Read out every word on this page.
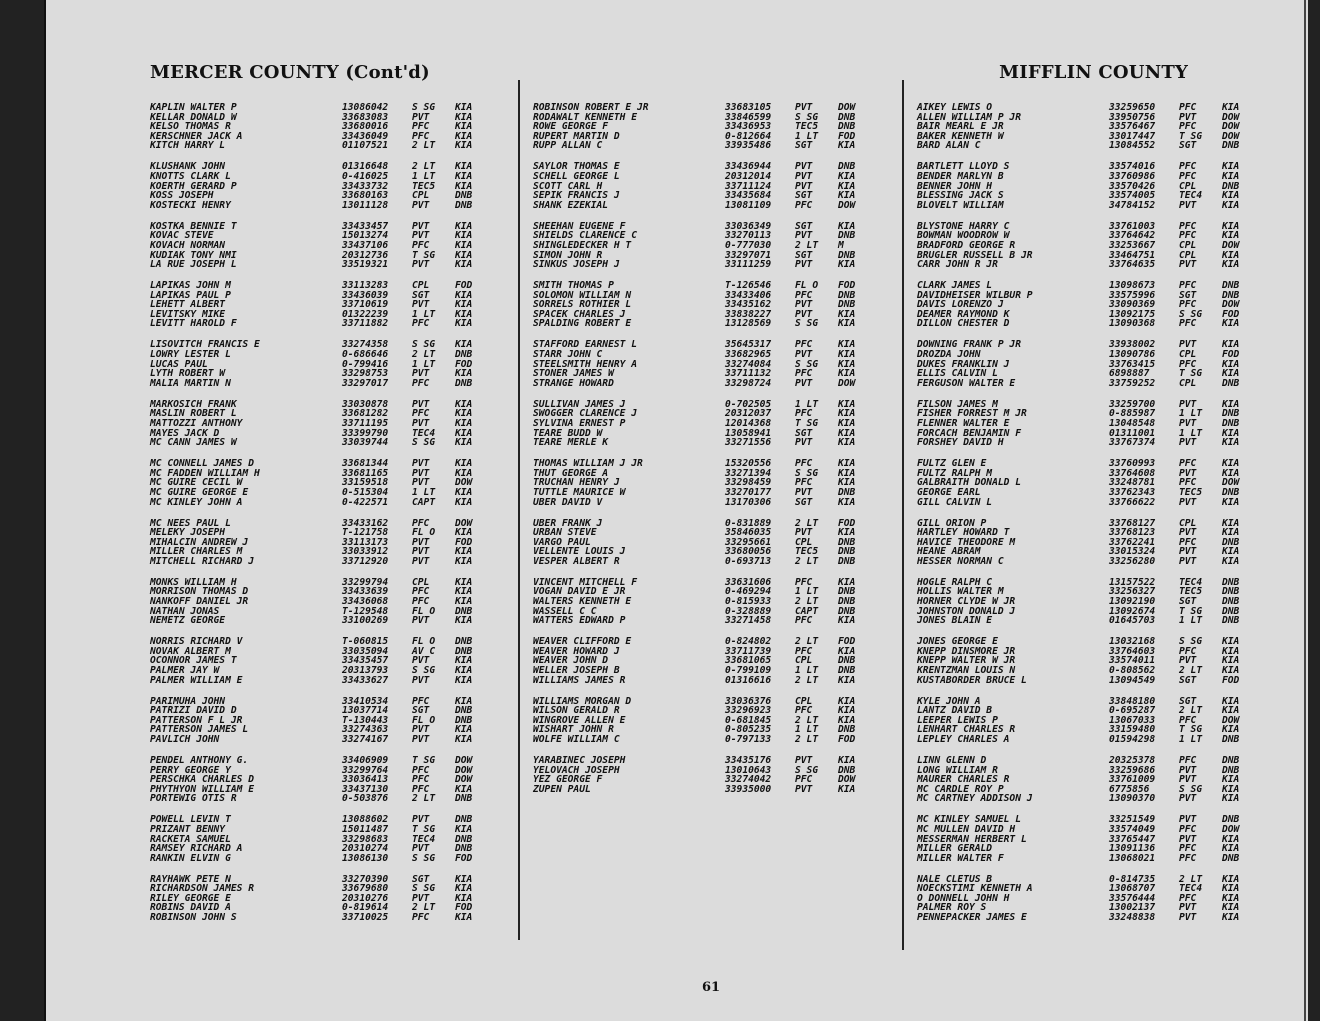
MERCER COUNTY (Cont'd)	MIFFLIN COUNTY
KAPLIN WALTER P	13086042 S SG KIA
KELLAR DONALD W	33683083 PVT	KIA
KELSO THOMAS R	33680016 PFC	KIA
KERSCHNER JACK A	33436049 PFC	KIA
KITCH HARRY L	01107521 2 LT KIA
KLUSHANK JOHN	01316648 2 LT KIA
KNOTTS CLARK L	0-416025 1 LT KIA
KOERTH GERARD P	33433732 TEC5 KIA
KOSS JOSEPH	33680163 CPL	DNB
KOSTECKI HENRY	13011128 PVT	DNB
KOSTKA BENNIE T	33433457 PVT	KIA
KOVAC STEVE	15013274 PVT	KIA
KOVACH NORMAN	33437106 PFC	KIA
KUDIAK TONY NMI	20312736 T SG KIA
LA RUE JOSEPH L	33519321 PVT	KIA
LAPIKAS JOHN M	33113283 CPL	FOD
LAPIKAS PAUL P	33436039 SGT	KIA
LEHETT ALBERT	33710619 PVT	KIA
LEVITSKY MIKE	01322239 1 LT KIA
LEVITT HAROLD F	33711882 PFC	KIA
LISOVITCH FRANCIS E	33274358 S SG KIA
LOWRY LESTER L	0-686646 2 LT DNB
LUCAS PAUL	0-799416 1 LT FOD
LYTH ROBERT W	33298753 PVT	KIA
MALIA MARTIN N	33297017 PFC	DNB
MARKOSICH FRANK	33030878 PVT	KIA
MASLIN ROBERT L	33681282 PFC	KIA
MATTOZZI ANTHONY	33711195 PVT	KIA
MAYES JACK D	33399790 TEC4 KIA
MC CANN JAMES W	33039744 S SG KIA
MC CONNELL JAMES D	33681344 PVT	KIA
MC FADDEN WILLIAM H	33681165 PVT	KIA
MC GUIRE CECIL W	33159518 PVT	DOW
MC GUIRE GEORGE E	0-515304 1 LT KIA
MC KINLEY JOHN A	0-422571 CAPT KIA
MC NEES PAUL L	33433162 PFC	DOW
MELEKY JOSEPH	T-121758 FL O KIA
MIHALCIN ANDREW J	33113173 PVT	FOD
MILLER CHARLES M	33033912 PVT	KIA
MITCHELL RICHARD J	33712920 PVT	KIA
MONKS WILLIAM H	33299794 CPL	KIA
MORRISON THOMAS D	33433639 PFC	KIA
NANKOFF DANIEL JR	33436068 PFC	KIA
NATHAN JONAS	T-129548 FL O DNB
NEMETZ GEORGE	33100269 PVT	KIA
NORRIS RICHARD V	T-060815 FL O DNB
NOVAK ALBERT M	33035094 AV C DNB
OCONNOR JAMES T	33435457 PVT	KIA
PALMER JAY W	20313793 S SG KIA
PALMER WILLIAM E	33433627 PVT	KIA
PARIMUHA JOHN	33410534 PFC	KIA
PATRIZI DAVID D	13037714 SGT	DNB
PATTERSON F L JR	T-130443 FL O DNB
PATTERSON JAMES L	33274363 PVT	KIA
PAVLICH JOHN	33274167 PVT	KIA
PENDEL ANTHONY G.	33406909 T SG DOW
PERRY GEORGE Y	33299764 PFC	DOW
PERSCHKA CHARLES D	33036413 PFC	DOW
PHYTHYON WILLIAM E	33437130 PFC	KIA
PORTEWIG OTIS R	0-503876 2 LT DNB
POWELL LEVIN T	13088602 PVT	DNB
PRIZANT BENNY	15011487 T SG KIA
RACKETA SAMUEL	33298683 TEC4 DNB
RAMSEY RICHARD A	20310274 PVT	DNB
RANKIN ELVIN G	13086130 S SG FOD
RAYHAWK PETE N	33270390 SGT	KIA
RICHARDSON JAMES R	33679680 S SG KIA
RILEY GEORGE E	20310276 PVT	KIA
ROBINS DAVID A	0-819614 2 LT FOD
ROBINSON JOHN S	33710025 PFC	KIA
ROBINSON ROBERT E JR	33683105 PVT	DOW
RODAWALT KENNETH E	33846599 S SG DNB
ROWE GEORGE F	33436953 TEC5 DNB
RUPERT MARTIN D	0-812664 1 LT FOD
RUPP ALLAN C	33935486 SGT	KIA
SAYLOR THOMAS E	33436944 PVT	DNB
SCHELL GEORGE L	20312014 PVT	KIA
SCOTT CARL H	33711124 PVT	KIA
SEPIK FRANCIS J	33435684 SGT	KIA
SHANK EZEKIAL	13081109 PFC	DOW
SHEEHAN EUGENE F	33036349 SGT	KIA
SHIELDS CLARENCE C	33270113 PVT	DNB
SHINGLEDECKER H T	0-777030 2 LT M
SIMON JOHN R	33297071 SGT	DNB
SINKUS JOSEPH J	33111259 PVT	KIA
SMITH THOMAS P	T-126546 FL O FOD
SOLOMON WILLIAM N	33433406 PFC	DNB
SORRELS ROTHIER L	33435162 PVT	DNB
SPACEK CHARLES J	33838227 PVT	KIA
SPALDING ROBERT E	13128569 S SG KIA
STAFFORD EARNEST L	35645317 PFC	KIA
STARR JOHN C	33682965 PVT	KIA
STEELSMITH HENRY A	33274084 S SG KIA
STONER JAMES W	33711132 PFC	KIA
STRANGE HOWARD	33298724 PVT	DOW
SULLIVAN JAMES J	0-702505 1 LT KIA
SWOGGER CLARENCE J	20312037 PFC	KIA
SYLVINA ERNEST P	12014368 T SG KIA
TEARE BUDD W	13058941 SGT	KIA
TEARE MERLE K	33271556 PVT	KIA
THOMAS WILLIAM J JR	15320556 PFC	KIA
THUT GEORGE A	33271394 S SG KIA
TRUCHAN HENRY J	33298459 PFC	KIA
TUTTLE MAURICE W	33270177 PVT	DNB
UBER DAVID V	13170306 SGT	KIA
UBER FRANK J	0-831889 2 LT FOD
URBAN STEVE	35846035 PVT	KIA
VARGO PAUL	33295661 CPL	DNB
VELLENTE LOUIS J	33680056 TEC5 DNB
VESPER ALBERT R	0-693713 2 LT DNB
VINCENT MITCHELL F	33631606 PFC	KIA
VOGAN DAVID E JR	0-469294 1 LT DNB
WALTERS KENNETH E	0-815933 2 LT DNB
WASSELL C C	0-328889 CAPT DNB
WATTERS EDWARD P	33271458 PFC	KIA
WEAVER CLIFFORD E	0-824802 2 LT FOD
WEAVER HOWARD J	33711739 PFC	KIA
WEAVER JOHN D	33681065 CPL	DNB
WELLER JOSEPH B	0-799109 1 LT DNB
WILLIAMS JAMES R	01316616 2 LT KIA
WILLIAMS MORGAN D	33036376 CPL	KIA
WILSON GERALD R	33296923 PFC	KIA
WINGROVE ALLEN E	0-681845 2 LT KIA
WISHART JOHN R	0-805235 1 LT DNB
WOLFE WILLIAM C	0-797133 2 LT FOD
YARABINEC JOSEPH	33435176 PVT	KIA
YELOVACH JOSEPH	13010643 S SG DNB
YEZ GEORGE F	33274042 PFC	DOW
ZUPEN PAUL	33935000 PVT	KIA
AIKEY LEWIS O	33259650 PFC	KIA
ALLEN WILLIAM P JR	33950756 PVT	DOW
BAIR MEARL E JR	33576467 PFC	DOW
BAKER KENNETH W	33017447 T SG DOW
BARD ALAN C	13084552 SGT	DNB
BARTLETT LLOYD S	33574016 PFC	KIA
BENDER MARLYN B	33760986 PFC	KIA
BENNER JOHN H	33570426 CPL	DNB
BLESSING JACK S	33574005 TEC4 KIA
BLOVELT WILLIAM	34784152 PVT	KIA
BLYSTONE HARRY C	33761003 PFC	KIA
BOWMAN WOODROW W	33764642 PFC	KIA
BRADFORD GEORGE R	33253667 CPL	DOW
BRUGLER RUSSELL B JR	33464751 CPL	KIA
CARR JOHN R JR	33764635 PVT	KIA
CLARK JAMES L	13098673 PFC	DNB
DAVIDHEISER WILBUR P	33575996 SGT	DNB
DAVIS LORENZO J	33090369 PFC	DOW
DEAMER RAYMOND K	13092175 S SG FOD
DILLON CHESTER D	13090368 PFC	KIA
DOWNING FRANK P JR	33938002 PVT	KIA
DROZDA JOHN	13090786 CPL	FOD
DUKES FRANKLIN J	33763415 PFC	KIA
ELLIS CALVIN L	6898887	T SG KIA
FERGUSON WALTER E	33759252 CPL	DNB
FILSON JAMES M	33259700 PVT	KIA
FISHER FORREST M JR	0-885987 1 LT DNB
FLENNER WALTER E	13048548 PVT	DNB
FORCACH BENJAMIN F	01311001 1 LT KIA
FORSHEY DAVID H	33767374 PVT	KIA
FULTZ GLEN E	33760993 PFC	KIA
FULTZ RALPH M	33764608 PVT	KIA
GALBRAITH DONALD L	33248781 PFC	DOW
GEORGE EARL	33762343 TEC5 DNB
GILL CALVIN L	33766622 PVT	KIA
GILL ORION P	33768127 CPL	KIA
HARTLEY HOWARD T	33768123 PVT	KIA
HAVICE THEODORE M	33762241 PFC	DNB
HEANE ABRAM	33015324 PVT	KIA
HESSER NORMAN C	33256280 PVT	KIA
HOGLE RALPH C	13157522 TEC4 DNB
HOLLIS WALTER M	33256327 TEC5 DNB
HORNER CLYDE W JR	13092190 SGT	DNB
JOHNSTON DONALD J	13092674 T SG DNB
JONES BLAIN E	01645703 1 LT DNB
JONES GEORGE E	13032168 S SG KIA
KNEPP DINSMORE JR	33764603 PFC	KIA
KNEPP WALTER W JR	33574011 PVT	KIA
KRENTZMAN LOUIS N	0-808562 2 LT KIA
KUSTABORDER BRUCE L	13094549 SGT	FOD
KYLE JOHN A	33848180 SGT	KIA
LANTZ DAVID B	0-695287 2 LT KIA
LEEPER LEWIS P	13067033 PFC	DOW
LENHART CHARLES R	33159480 T SG KIA
LEPLEY CHARLES A	01594298 1 LT DNB
LINN GLENN D	20325378 PFC	DNB
LONG WILLIAM R	33259686 PVT	DNB
MAURER CHARLES R	33761009 PVT	KIA
MC CARDLE ROY P	6775856	S SG KIA
MC CARTNEY ADDISON J	13090370 PVT	KIA
MC KINLEY SAMUEL L	33251549 PVT	DNB
MC MULLEN DAVID H	33574049 PFC	DOW
MESSERMAN HERBERT L	33765447 PVT	KIA
MILLER GERALD	13091136 PFC	KIA
MILLER WALTER F	13068021 PFC	DNB
NALE CLETUS B	0-814735 2 LT KIA
NOECKSTIMI KENNETH A	13068707 TEC4 KIA
O DONNELL JOHN H	33576444 PFC	KIA
PALMER ROY S	13002137 PVT	KIA
PENNEPACKER JAMES E	33248838 PVT	KIA
61
